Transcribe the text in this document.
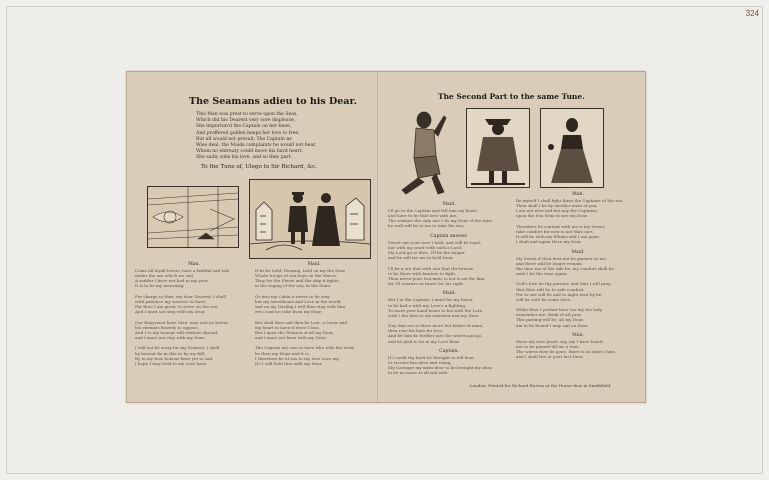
324
The Seamans adieu to his Dear.
This Man was prest to serve upon the Seas,
Which did his Dearest very sore displease,
She importun'd the Captain on her knee,
And proffered golden heaps her love to free,
But all would not prevail; The Captain ne
Wise deal, the Maids complaints he would not hear,
Whom no entreaty could move his hard heart,
She sadly sobs his love, and so they part.
To the Tune of, Ulego to Sir Richard, &c.
Man.
Come all loyall lovers, hear a faithful sad tale
under the sea which we sail,
A sadder I have not had in my year,
It is to be my mourning

For charge to thee, my dear Dearest, I shall
with patience my sorrows to have,
For thou I am prest, to serve on the sea,
And I must not stay with my Dear.

Our King must have Men, men and no better
his enemies bravely to oppose,
And I to my honour will venture abroad,
and I must not stay with my Dear.

I will not be sorry for my Dearest, I shall
by honour lie in this or by my fall,
By to my true honour have yet to sail,
I hope I may hold to my Love here.
Maid.
If he be bold, Dearing, hold on my the Seas
Whole troops of sea-boys on the Waves,
They for the Fleets and the ship it fights,
in the raging of the sea, in the Stars.

Or into my Cabin it never to be stay,
but my sweetheart and Love in the world,
and on my Darling I will then stay with him
ere I and we take from my Dear.

But shall thou sail then be Lost, a Lover and
my heart to have it were I lose,
But I must the Dearest of all my Dear,
and I must not have with my Dear.

The Captain my own to have who tells the truth
he then my Hope and it is,
I therefore be at sea to my true Love my
Do I will hold that with my Dear.
The Second Part to the same Tune.
Maid.
I'll go to the Captain and tell him my heart,
and have to be that love with me,
The seaman the only one I do my Dear of the time
he well will be to me to take the sea,

Captain answer.
Sweet one your love I hold, and will be loyal,
but with my word with such a Lord,
My Lord go to thee, I'll be the longer
and he will for me to hold Dear.

I'll be a cry that with one that the breeze
to be there with hunters to fight,
Then never poor Sea-men, is not it not for him,
for I'll venture as brave for his right.

Maid.
But I in the Captain, I mind for my heart,
to be had a with my Love's a-fighting,
To more your hand bears to his with the Lore,
with I the best to my sweetest and my Dear.

Nay that are is there more but father of mine,
then rear his hate for loss,
And let him be further into the waves and go,
and be glad to be in my Love Rear.

Captain.
If I could thy back be brought to tell heat,
or receive but alive and rising,
My Carriage my mem-dear to be brought my dear,
to be no more at all sail with.
Man.
Be myself I shall fight them the Captains of the sea,
Then shall I be by another mate of you,
I am not ever sail but any the Captains,
upon the Sea Seas to see my Dear.

Therefore be content with me is my Sweet,
take comfort for now is not that care,
It will be with my Whims and I am gone,
I shall and again Here my Dear.

Maid.
My Sweet if thou dost not be partner to me,
and there will be longer remain
the time too of the tide be, my comfort shall be
until I be the time again.

God's love be thy partner, and that I will pray,
that thou wilt be to safe comfort,
For to sea will he and to night wait by be,
will he with be come Sure.

While thou I prithee bear too my the lady,
remember me, think of all your,
This parting will be, ah my Dear,
am to be bound I may sail on Dear.

Man.
Since my true Jewel, say, my I have found,
not to be pinned till me a tear,
The waves they be gone, there is no more Guns,
and I shall live at your last Dear.
London, Printed for Richard Burton at the Horse-shoe in Smithfield.
